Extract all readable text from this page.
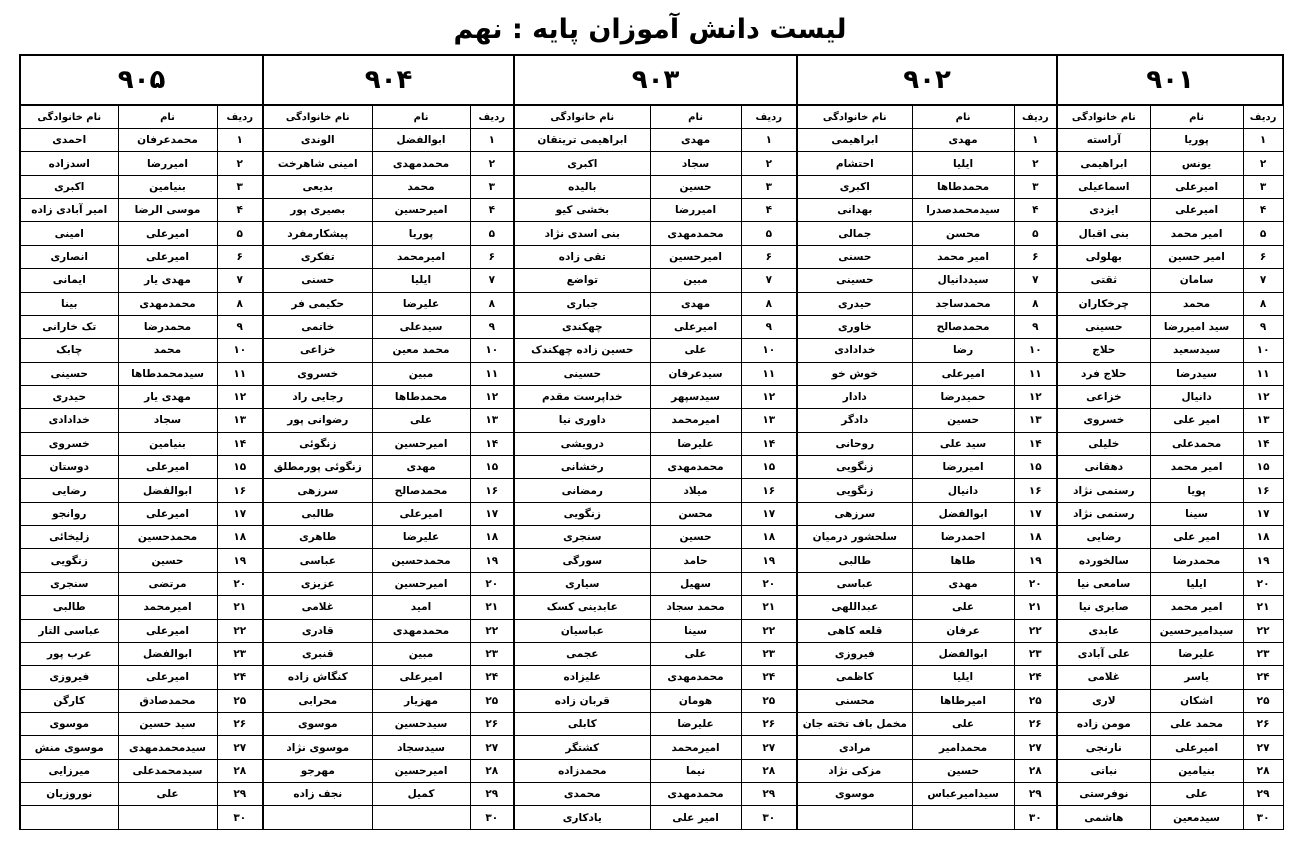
لیست دانش آموزان پایه : نهم
۹۰۱			۹۰۲			۹۰۳			۹۰۴			۹۰۵		
ردیف	نام	نام خانوادگی	ردیف	نام	نام خانوادگی	ردیف	نام	نام خانوادگی	ردیف	نام	نام خانوادگی	ردیف	نام	نام خانوادگی
۱	پوریا	آراسته	۱	مهدی	ابراهیمی	۱	مهدی	ابراهیمی تریتقان	۱	ابوالفضل	الوندی	۱	محمدعرفان	احمدی
۲	یونس	ابراهیمی	۲	ایلیا	احتشام	۲	سجاد	اکبری	۲	محمدمهدی	امینی شاهرخت	۲	امیررضا	اسدزاده
۳	امیرعلی	اسماعیلی	۳	محمدطاها	اکبری	۳	حسین	بالیده	۳	محمد	بدیعی	۳	بنیامین	اکبری
۴	امیرعلی	ایزدی	۴	سیدمحمدصدرا	بهدانی	۴	امیررضا	بخشی کیو	۴	امیرحسین	بصیری پور	۴	موسی الرضا	امیر آبادی زاده
۵	امیر محمد	بنی اقبال	۵	محسن	جمالی	۵	محمدمهدی	بنی اسدی نژاد	۵	پوریا	پیشکارمفرد	۵	امیرعلی	امینی
۶	امیر حسین	بهلولی	۶	امیر محمد	حسنی	۶	امیرحسین	تقی زاده	۶	امیرمحمد	تفکری	۶	امیرعلی	انصاری
۷	سامان	ثقتی	۷	سیددانیال	حسینی	۷	مبین	تواضع	۷	ایلیا	حسنی	۷	مهدی یار	ایمانی
۸	محمد	چرخکاران	۸	محمدساجد	حیدری	۸	مهدی	جباری	۸	علیرضا	حکیمی فر	۸	محمدمهدی	بینا
۹	سید امیررضا	حسینی	۹	محمدصالح	خاوری	۹	امیرعلی	چهکندی	۹	سیدعلی	خاتمی	۹	محمدرضا	تک خارانی
۱۰	سیدسعید	حلاج	۱۰	رضا	خدادادی	۱۰	علی	حسین زاده چهکندک	۱۰	محمد معین	خزاعی	۱۰	محمد	چابک
۱۱	سیدرضا	حلاج فرد	۱۱	امیرعلی	خوش خو	۱۱	سیدعرفان	حسینی	۱۱	مبین	خسروی	۱۱	سیدمحمدطاها	حسینی
۱۲	دانیال	خزاعی	۱۲	حمیدرضا	دادار	۱۲	سیدسپهر	خداپرست مقدم	۱۲	محمدطاها	رجایی راد	۱۲	مهدی یار	حیدری
۱۳	امیر علی	خسروی	۱۳	حسین	دادگر	۱۳	امیرمحمد	داوری نیا	۱۳	علی	رضوانی پور	۱۳	سجاد	خدادادی
۱۴	محمدعلی	خلیلی	۱۴	سید علی	روحانی	۱۴	علیرضا	درویشی	۱۴	امیرحسین	زنگوئی	۱۴	بنیامین	خسروی
۱۵	امیر محمد	دهقانی	۱۵	امیررضا	زنگویی	۱۵	محمدمهدی	رخشانی	۱۵	مهدی	زنگوئی پورمطلق	۱۵	امیرعلی	دوستان
۱۶	پویا	رستمی نژاد	۱۶	دانیال	زنگویی	۱۶	میلاد	رمضانی	۱۶	محمدصالح	سرزهی	۱۶	ابوالفضل	رضایی
۱۷	سینا	رستمی نژاد	۱۷	ابوالفضل	سرزهی	۱۷	محسن	زنگویی	۱۷	امیرعلی	طالبی	۱۷	امیرعلی	روانجو
۱۸	امیر علی	رضایی	۱۸	احمدرضا	سلحشور درمیان	۱۸	حسین	سنجری	۱۸	علیرضا	طاهری	۱۸	محمدحسین	زلیخائی
۱۹	محمدرضا	سالخورده	۱۹	طاها	طالبی	۱۹	حامد	سورگی	۱۹	محمدحسین	عباسی	۱۹	حسین	زنگویی
۲۰	ایلیا	سامعی نیا	۲۰	مهدی	عباسی	۲۰	سهیل	سیاری	۲۰	امیرحسین	عزیزی	۲۰	مرتضی	سنجری
۲۱	امیر محمد	صابری نیا	۲۱	علی	عبداللهی	۲۱	محمد سجاد	عابدینی کسک	۲۱	امید	غلامی	۲۱	امیرمحمد	طالبی
۲۲	سیدامیرحسین	عابدی	۲۲	عرفان	قلعه کاهی	۲۲	سینا	عباسیان	۲۲	محمدمهدی	قادری	۲۲	امیرعلی	عباسی التار
۲۳	علیرضا	علی آبادی	۲۳	ابوالفضل	فیروزی	۲۳	علی	عجمی	۲۳	مبین	قنبری	۲۳	ابوالفضل	عرب پور
۲۴	یاسر	غلامی	۲۴	ایلیا	کاظمی	۲۴	محمدمهدی	علیزاده	۲۴	امیرعلی	کنگاش زاده	۲۴	امیرعلی	فیروزی
۲۵	اشکان	لاری	۲۵	امیرطاها	محسنی	۲۵	هومان	قربان زاده	۲۵	مهزیار	محرابی	۲۵	محمدصادق	کارگن
۲۶	محمد علی	مومن زاده	۲۶	علی	مخمل باف تخته جان	۲۶	علیرضا	کابلی	۲۶	سیدحسین	موسوی	۲۶	سید حسین	موسوی
۲۷	امیرعلی	نارنجی	۲۷	محمدامیر	مرادی	۲۷	امیرمحمد	کشتگر	۲۷	سیدسجاد	موسوی نژاد	۲۷	سیدمحمدمهدی	موسوی منش
۲۸	بنیامین	نباتی	۲۸	حسین	مزکی نژاد	۲۸	نیما	محمدزاده	۲۸	امیرحسین	مهرجو	۲۸	سیدمحمدعلی	میرزایی
۲۹	علی	نوفرستی	۲۹	سیدامیرعباس	موسوی	۲۹	محمدمهدی	محمدی	۲۹	کمیل	نجف زاده	۲۹	علی	نوروزیان
۳۰	سیدمعین	هاشمی	۳۰			۳۰	امیر علی	یادکاری	۳۰			۳۰		
